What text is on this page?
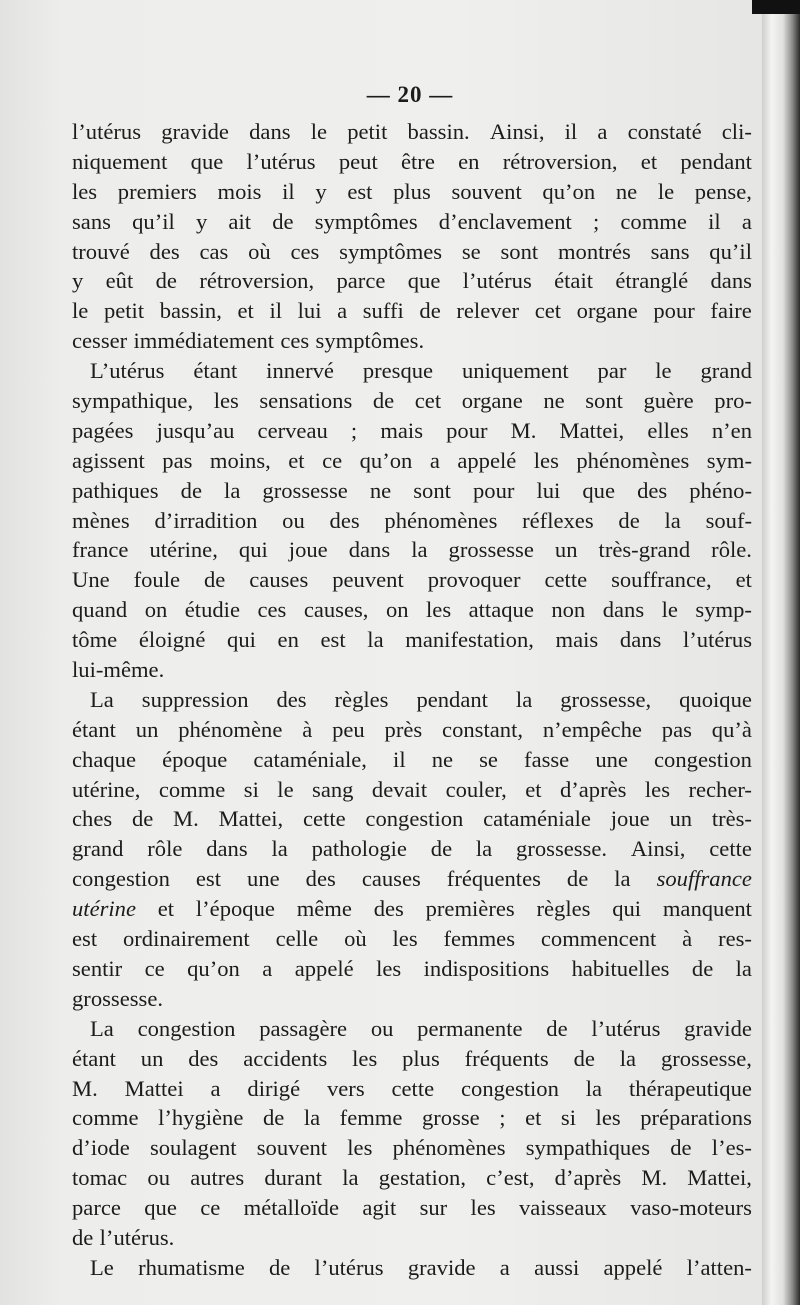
— 20 —
l’utérus gravide dans le petit bassin. Ainsi, il a constaté cli-
niquement que l’utérus peut être en rétroversion, et pendant
les premiers mois il y est plus souvent qu’on ne le pense,
sans qu’il y ait de symptômes d’enclavement ; comme il a
trouvé des cas où ces symptômes se sont montrés sans qu’il
y eût de rétroversion, parce que l’utérus était étranglé dans
le petit bassin, et il lui a suffi de relever cet organe pour faire
cesser immédiatement ces symptômes.
L’utérus étant innervé presque uniquement par le grand
sympathique, les sensations de cet organe ne sont guère pro-
pagées jusqu’au cerveau ; mais pour M. Mattei, elles n’en
agissent pas moins, et ce qu’on a appelé les phénomènes sym-
pathiques de la grossesse ne sont pour lui que des phéno-
mènes d’irradition ou des phénomènes réflexes de la souf-
france utérine, qui joue dans la grossesse un très-grand rôle.
Une foule de causes peuvent provoquer cette souffrance, et
quand on étudie ces causes, on les attaque non dans le symp-
tôme éloigné qui en est la manifestation, mais dans l’utérus
lui-même.
La suppression des règles pendant la grossesse, quoique
étant un phénomène à peu près constant, n’empêche pas qu’à
chaque époque cataméniale, il ne se fasse une congestion
utérine, comme si le sang devait couler, et d’après les recher-
ches de M. Mattei, cette congestion cataméniale joue un très-
grand rôle dans la pathologie de la grossesse. Ainsi, cette
congestion est une des causes fréquentes de la souffrance
utérine et l’époque même des premières règles qui manquent
est ordinairement celle où les femmes commencent à res-
sentir ce qu’on a appelé les indispositions habituelles de la
grossesse.
La congestion passagère ou permanente de l’utérus gravide
étant un des accidents les plus fréquents de la grossesse,
M. Mattei a dirigé vers cette congestion la thérapeutique
comme l’hygiène de la femme grosse ; et si les préparations
d’iode soulagent souvent les phénomènes sympathiques de l’es-
tomac ou autres durant la gestation, c’est, d’après M. Mattei,
parce que ce métalloïde agit sur les vaisseaux vaso-moteurs
de l’utérus.
Le rhumatisme de l’utérus gravide a aussi appelé l’atten-
